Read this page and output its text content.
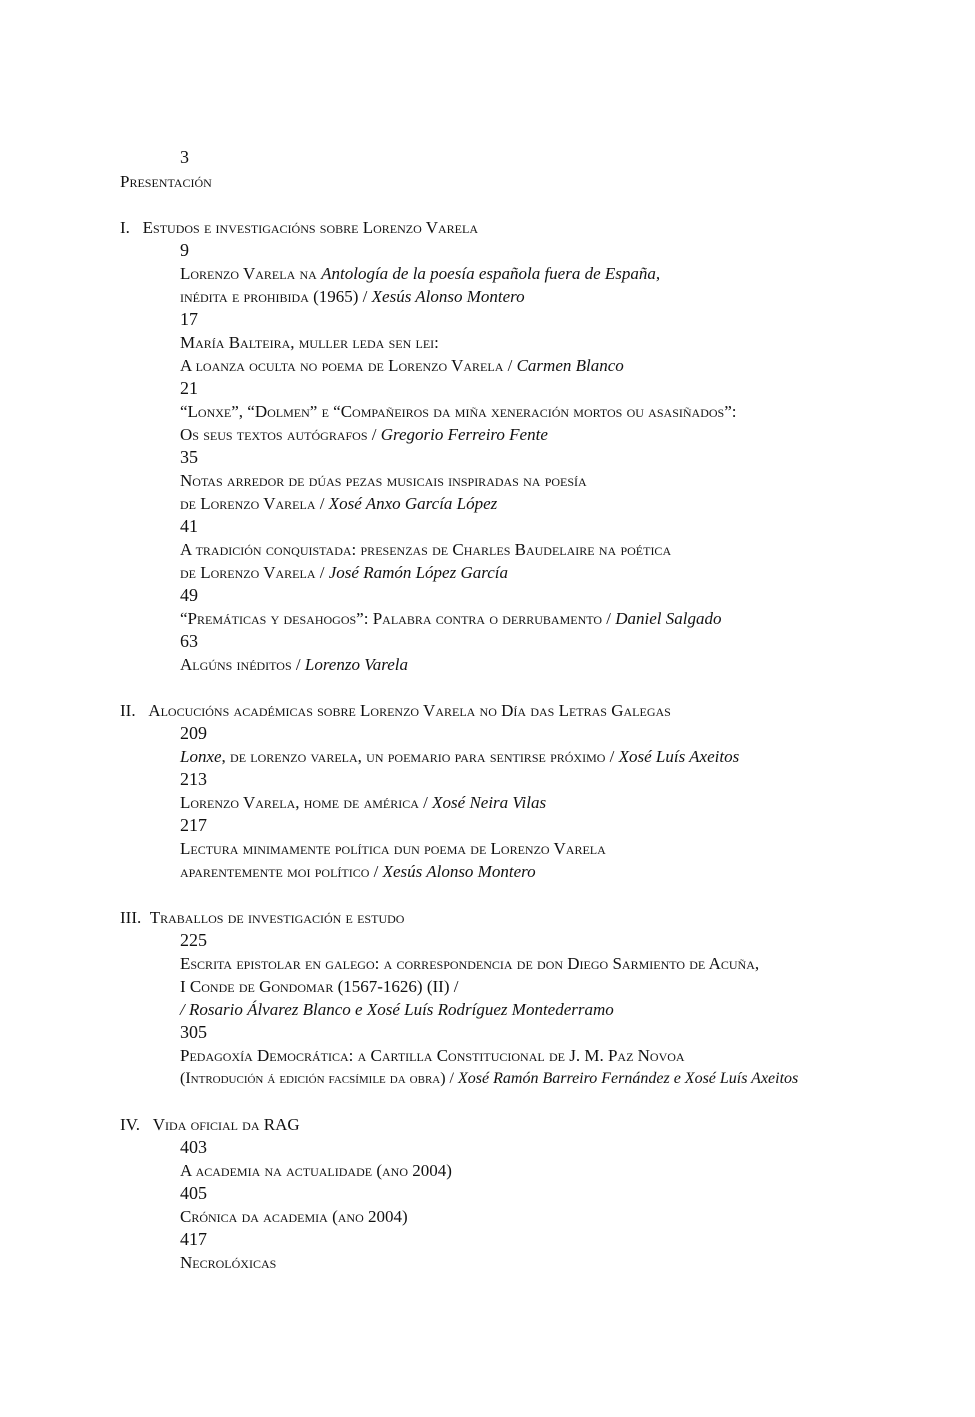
3
Presentación
I. Estudos e investigacións sobre Lorenzo Varela
9
Lorenzo Varela na Antología de la poesía española fuera de España,
inédita e prohibida (1965) / Xesús Alonso Montero
17
María Balteira, muller leda sen lei:
A loanza oculta no poema de Lorenzo Varela / Carmen Blanco
21
“Lonxe”, “Dolmen” e “Compañeiros da miña xeneración mortos ou asasiñados”:
Os seus textos autógrafos / Gregorio Ferreiro Fente
35
Notas arredor de dúas pezas musicais inspiradas na poesía
de Lorenzo Varela / Xosé Anxo García López
41
A tradición conquistada: presenzas de Charles Baudelaire na poética
de Lorenzo Varela / José Ramón López García
49
“Premáticas y desahogos”: Palabra contra o derrubamento / Daniel Salgado
63
Algúns inéditos / Lorenzo Varela
II. Alocucións académicas sobre Lorenzo Varela no Día das Letras Galegas
209
Lonxe, de lorenzo varela, un poemario para sentirse próximo / Xosé Luís Axeitos
213
Lorenzo Varela, home de américa / Xosé Neira Vilas
217
Lectura minimamente política dun poema de Lorenzo Varela
aparentemente moi político / Xesús Alonso Montero
III. Traballos de investigación e estudo
225
Escrita epistolar en galego: a correspondencia de don Diego Sarmiento de Acuña,
I Conde de Gondomar (1567-1626) (II) /
/ Rosario Álvarez Blanco e Xosé Luís Rodríguez Montederramo
305
Pedagoxía Democrática: a Cartilla Constitucional de J. M. Paz Novoa
(Introdución á edición facsímile da obra) / Xosé Ramón Barreiro Fernández e Xosé Luís Axeitos
IV. Vida oficial da RAG
403
A academia na actualidade (ano 2004)
405
Crónica da academia (ano 2004)
417
Necrolóxicas
